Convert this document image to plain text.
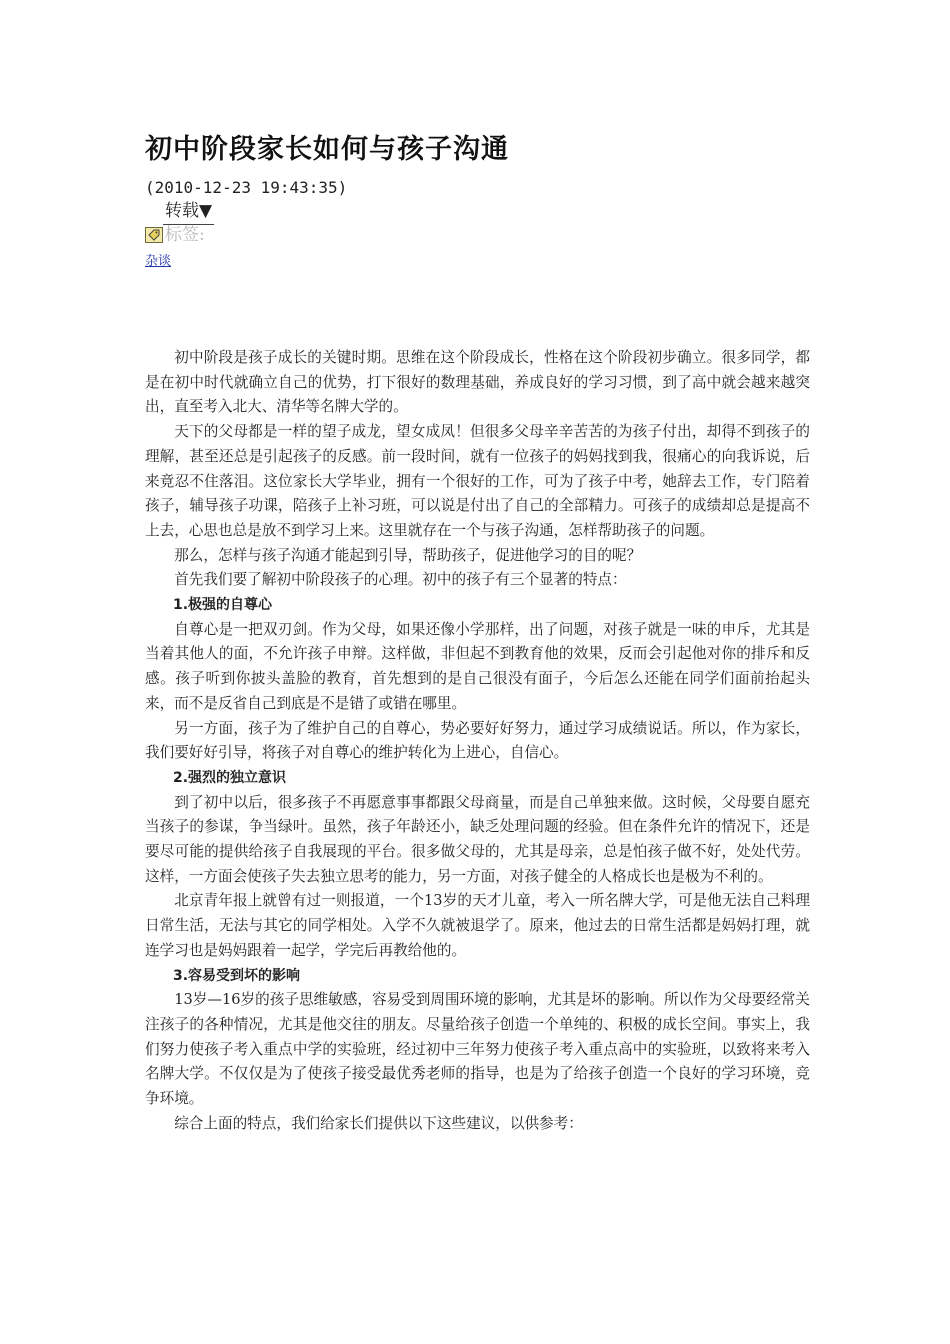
初中阶段家长如何与孩子沟通
(2010-12-23 19:43:35)
转载▼
标签:
杂谈

初中阶段是孩子成长的关键时期。思维在这个阶段成长，性格在这个阶段初步确立。很多同学，都是在初中时代就确立自己的优势，打下很好的数理基础，养成良好的学习习惯，到了高中就会越来越突出，直至考入北大、清华等名牌大学的。

天下的父母都是一样的望子成龙，望女成凤！但很多父母辛辛苦苦的为孩子付出，却得不到孩子的理解，甚至还总是引起孩子的反感。前一段时间，就有一位孩子的妈妈找到我，很痛心的向我诉说，后来竟忍不住落泪。这位家长大学毕业，拥有一个很好的工作，可为了孩子中考，她辞去工作，专门陪着孩子，辅导孩子功课，陪孩子上补习班，可以说是付出了自己的全部精力。可孩子的成绩却总是提高不上去，心思也总是放不到学习上来。这里就存在一个与孩子沟通，怎样帮助孩子的问题。

那么，怎样与孩子沟通才能起到引导，帮助孩子，促进他学习的目的呢？

首先我们要了解初中阶段孩子的心理。初中的孩子有三个显著的特点：

1.极强的自尊心

自尊心是一把双刃剑。作为父母，如果还像小学那样，出了问题，对孩子就是一味的申斥，尤其是当着其他人的面，不允许孩子申辩。这样做，非但起不到教育他的效果，反而会引起他对你的排斥和反感。孩子听到你披头盖脸的教育，首先想到的是自己很没有面子，今后怎么还能在同学们面前抬起头来，而不是反省自己到底是不是错了或错在哪里。

另一方面，孩子为了维护自己的自尊心，势必要好好努力，通过学习成绩说话。所以，作为家长，我们要好好引导，将孩子对自尊心的维护转化为上进心，自信心。

2.强烈的独立意识

到了初中以后，很多孩子不再愿意事事都跟父母商量，而是自己单独来做。这时候，父母要自愿充当孩子的参谋，争当绿叶。虽然，孩子年龄还小，缺乏处理问题的经验。但在条件允许的情况下，还是要尽可能的提供给孩子自我展现的平台。很多做父母的，尤其是母亲，总是怕孩子做不好，处处代劳。这样，一方面会使孩子失去独立思考的能力，另一方面，对孩子健全的人格成长也是极为不利的。

北京青年报上就曾有过一则报道，一个13岁的天才儿童，考入一所名牌大学，可是他无法自己料理日常生活，无法与其它的同学相处。入学不久就被退学了。原来，他过去的日常生活都是妈妈打理，就连学习也是妈妈跟着一起学，学完后再教给他的。

3.容易受到坏的影响

13岁—16岁的孩子思维敏感，容易受到周围环境的影响，尤其是坏的影响。所以作为父母要经常关注孩子的各种情况，尤其是他交往的朋友。尽量给孩子创造一个单纯的、积极的成长空间。事实上，我们努力使孩子考入重点中学的实验班，经过初中三年努力使孩子考入重点高中的实验班，以致将来考入名牌大学。不仅仅是为了使孩子接受最优秀老师的指导，也是为了给孩子创造一个良好的学习环境，竞争环境。

综合上面的特点，我们给家长们提供以下这些建议，以供参考：
